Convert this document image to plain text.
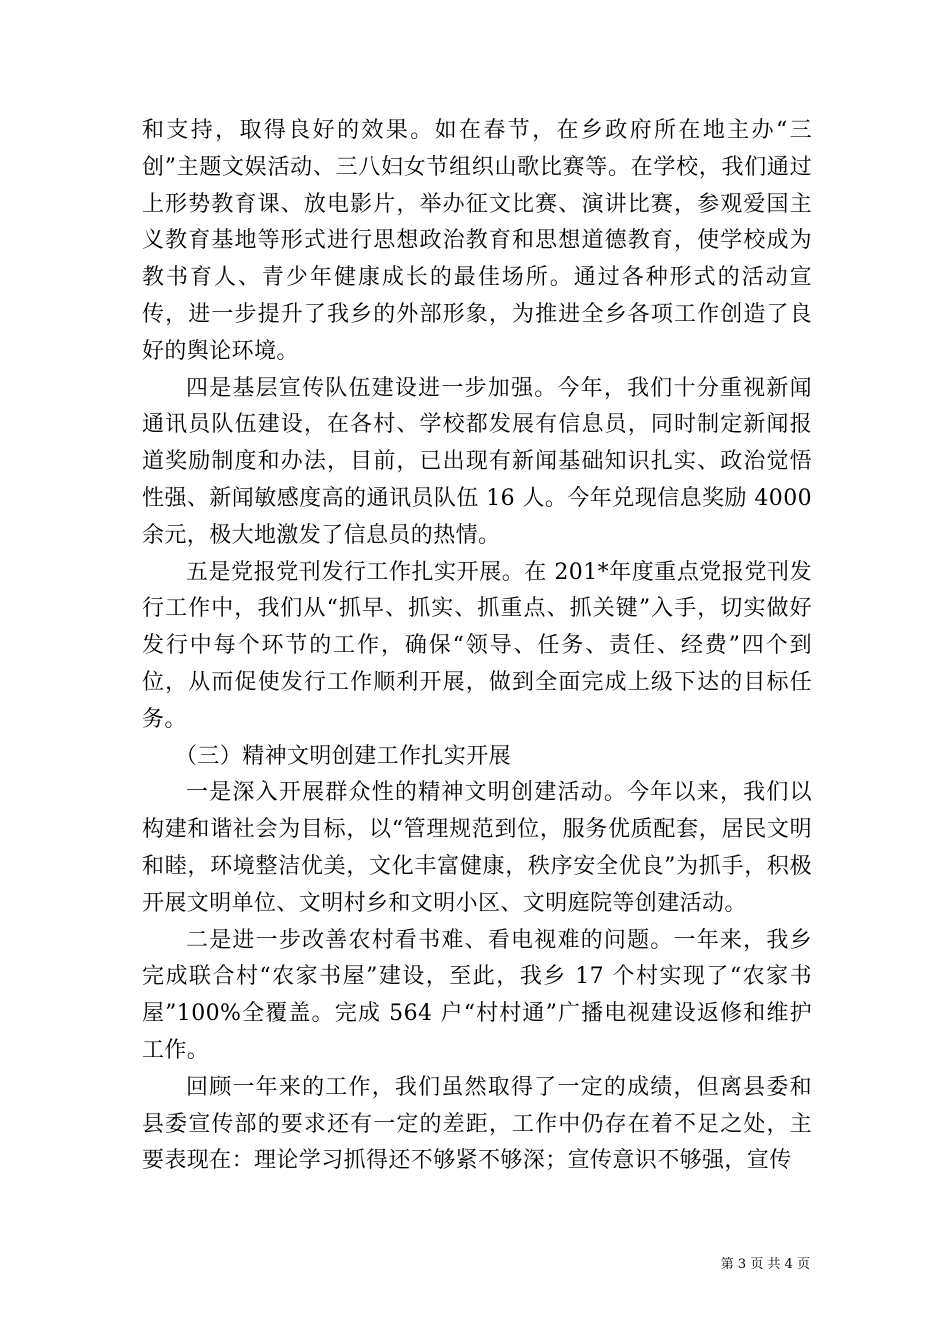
和支持，取得良好的效果。如在春节，在乡政府所在地主办“三创”主题文娱活动、三八妇女节组织山歌比赛等。在学校，我们通过上形势教育课、放电影片，举办征文比赛、演讲比赛，参观爱国主义教育基地等形式进行思想政治教育和思想道德教育，使学校成为教书育人、青少年健康成长的最佳场所。通过各种形式的活动宣传，进一步提升了我乡的外部形象，为推进全乡各项工作创造了良好的舆论环境。

四是基层宣传队伍建设进一步加强。今年，我们十分重视新闻通讯员队伍建设，在各村、学校都发展有信息员，同时制定新闻报道奖励制度和办法，目前，已出现有新闻基础知识扎实、政治觉悟性强、新闻敏感度高的通讯员队伍 16 人。今年兑现信息奖励 4000余元，极大地激发了信息员的热情。

五是党报党刊发行工作扎实开展。在 201*年度重点党报党刊发行工作中，我们从“抓早、抓实、抓重点、抓关键”入手，切实做好发行中每个环节的工作，确保“领导、任务、责任、经费”四个到位，从而促使发行工作顺利开展，做到全面完成上级下达的目标任务。

（三）精神文明创建工作扎实开展

一是深入开展群众性的精神文明创建活动。今年以来，我们以构建和谐社会为目标，以“管理规范到位，服务优质配套，居民文明和睦，环境整洁优美，文化丰富健康，秩序安全优良”为抓手，积极开展文明单位、文明村乡和文明小区、文明庭院等创建活动。

二是进一步改善农村看书难、看电视难的问题。一年来，我乡完成联合村“农家书屋”建设，至此，我乡 17 个村实现了“农家书屋”100%全覆盖。完成 564 户“村村通”广播电视建设返修和维护工作。

回顾一年来的工作，我们虽然取得了一定的成绩，但离县委和县委宣传部的要求还有一定的差距，工作中仍存在着不足之处，主要表现在：理论学习抓得还不够紧不够深；宣传意识不够强，宣传

第 3 页 共 4 页
